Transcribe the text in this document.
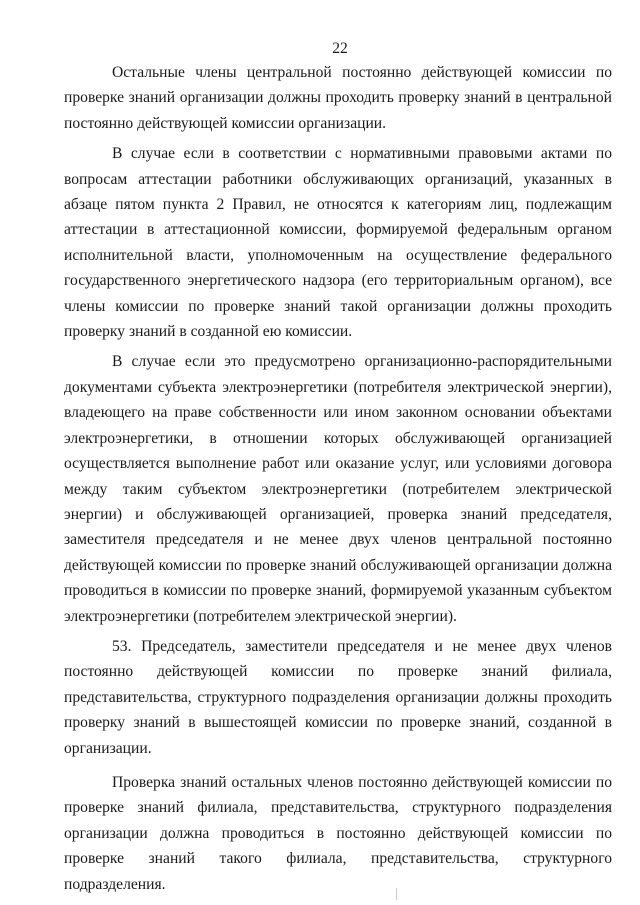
22

Остальные члены центральной постоянно действующей комиссии по проверке знаний организации должны проходить проверку знаний в центральной постоянно действующей комиссии организации.

В случае если в соответствии с нормативными правовыми актами по вопросам аттестации работники обслуживающих организаций, указанных в абзаце пятом пункта 2 Правил, не относятся к категориям лиц, подлежащим аттестации в аттестационной комиссии, формируемой федеральным органом исполнительной власти, уполномоченным на осуществление федерального государственного энергетического надзора (его территориальным органом), все члены комиссии по проверке знаний такой организации должны проходить проверку знаний в созданной ею комиссии.

В случае если это предусмотрено организационно-распорядительными документами субъекта электроэнергетики (потребителя электрической энергии), владеющего на праве собственности или ином законном основании объектами электроэнергетики, в отношении которых обслуживающей организацией осуществляется выполнение работ или оказание услуг, или условиями договора между таким субъектом электроэнергетики (потребителем электрической энергии) и обслуживающей организацией, проверка знаний председателя, заместителя председателя и не менее двух членов центральной постоянно действующей комиссии по проверке знаний обслуживающей организации должна проводиться в комиссии по проверке знаний, формируемой указанным субъектом электроэнергетики (потребителем электрической энергии).

53. Председатель, заместители председателя и не менее двух членов постоянно действующей комиссии по проверке знаний филиала, представительства, структурного подразделения организации должны проходить проверку знаний в вышестоящей комиссии по проверке знаний, созданной в организации.

Проверка знаний остальных членов постоянно действующей комиссии по проверке знаний филиала, представительства, структурного подразделения организации должна проводиться в постоянно действующей комиссии по проверке знаний такого филиала, представительства, структурного подразделения.
